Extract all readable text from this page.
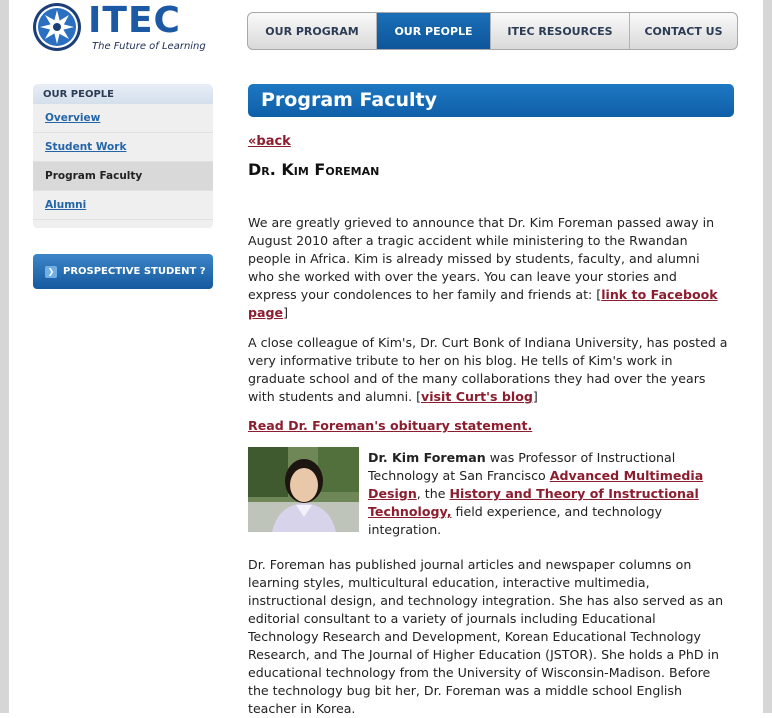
ITEC
The Future of Learning
OUR PROGRAM	OUR PEOPLE	ITEC RESOURCES	CONTACT US
OUR PEOPLE
Overview
Student Work
Program Faculty
Alumni
❯ PROSPECTIVE STUDENT ?
Program Faculty
«back
Dr. Kim Foreman
We are greatly grieved to announce that Dr. Kim Foreman passed away in August 2010 after a tragic accident while ministering to the Rwandan people in Africa. Kim is already missed by students, faculty, and alumni who she worked with over the years. You can leave your stories and express your condolences to her family and friends at: [link to Facebook page]
A close colleague of Kim's, Dr. Curt Bonk of Indiana University, has posted a very informative tribute to her on his blog. He tells of Kim's work in graduate school and of the many collaborations they had over the years with students and alumni. [visit Curt's blog]
Read Dr. Foreman's obituary statement.
Dr. Kim Foreman was Professor of Instructional Technology at San Francisco Advanced Multimedia Design, the History and Theory of Instructional Technology, field experience, and technology integration.
Dr. Foreman has published journal articles and newspaper columns on learning styles, multicultural education, interactive multimedia, instructional design, and technology integration. She has also served as an editorial consultant to a variety of journals including Educational Technology Research and Development, Korean Educational Technology Research, and The Journal of Higher Education (JSTOR). She holds a PhD in educational technology from the University of Wisconsin-Madison. Before the technology bug bit her, Dr. Foreman was a middle school English teacher in Korea.
